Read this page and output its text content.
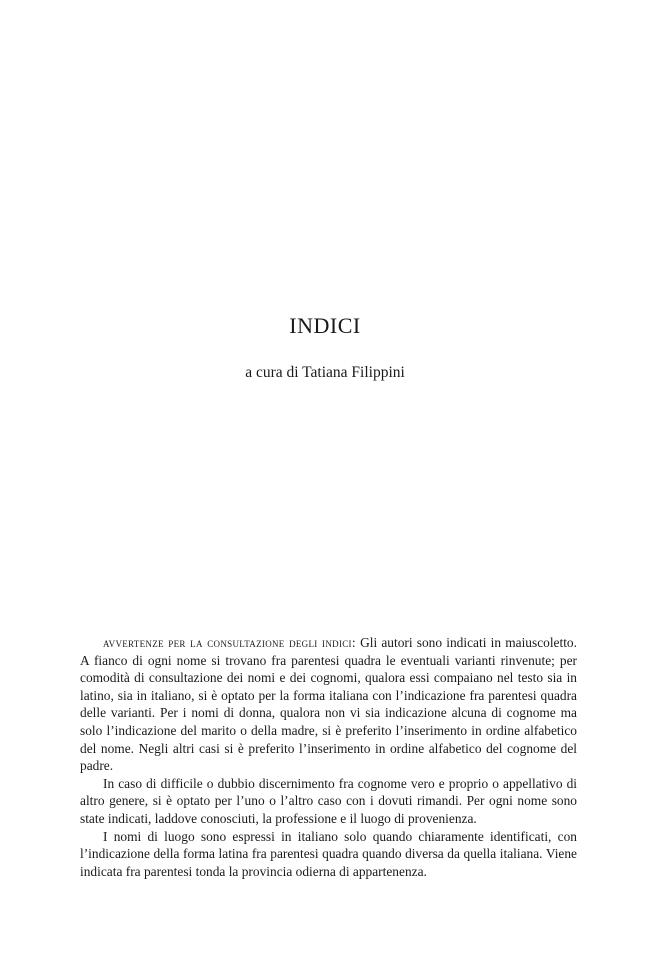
INDICI
a cura di Tatiana Filippini

avvertenze per la consultazione degli indici: Gli autori sono indicati in maiuscoletto. A fianco di ogni nome si trovano fra parentesi quadra le eventuali varianti rinvenute; per comodità di consultazione dei nomi e dei cognomi, qualora essi compaiano nel testo sia in latino, sia in italiano, si è optato per la forma italiana con l’indicazione fra parentesi quadra delle varianti. Per i nomi di donna, qualora non vi sia indicazione alcuna di cognome ma solo l’indicazione del marito o della madre, si è preferito l’inserimento in ordine alfabetico del nome. Negli altri casi si è preferito l’inserimento in ordine alfabetico del cognome del padre.

In caso di difficile o dubbio discernimento fra cognome vero e proprio o appellativo di altro genere, si è optato per l’uno o l’altro caso con i dovuti rimandi. Per ogni nome sono state indicati, laddove conosciuti, la professione e il luogo di provenienza.

I nomi di luogo sono espressi in italiano solo quando chiaramente identificati, con l’indicazione della forma latina fra parentesi quadra quando diversa da quella italiana. Viene indicata fra parentesi tonda la provincia odierna di appartenenza.
